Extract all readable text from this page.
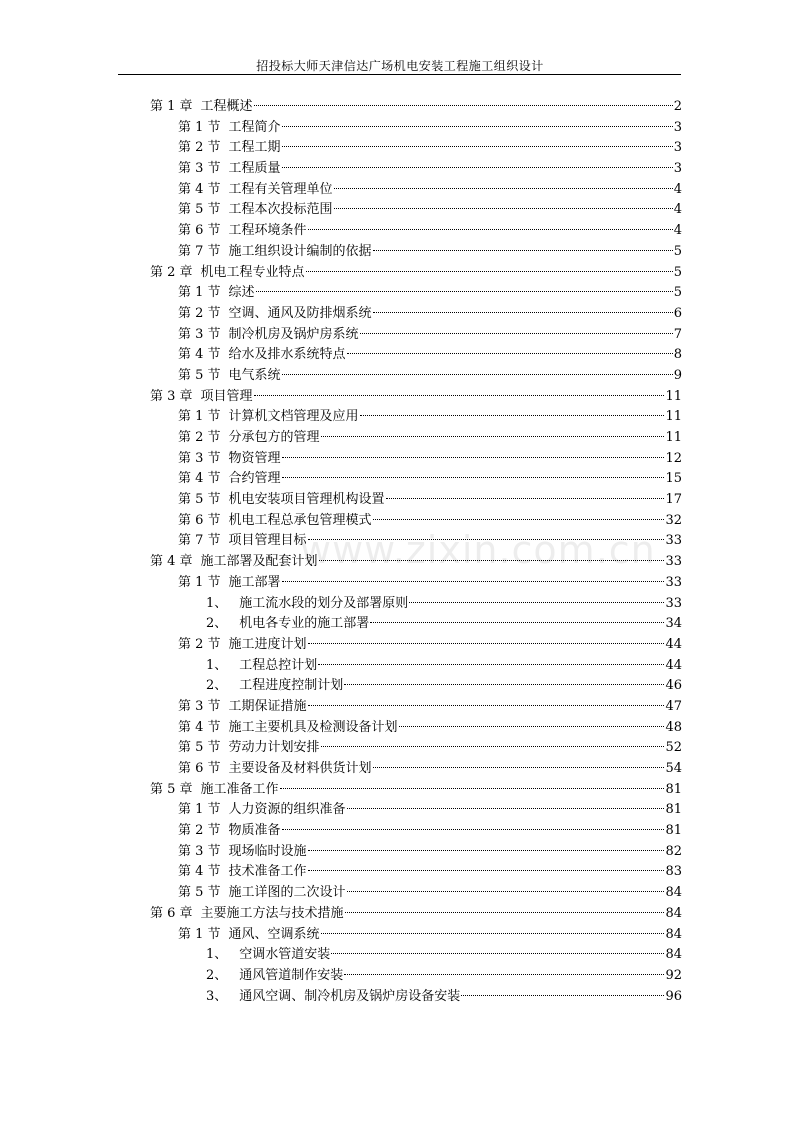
招投标大师天津信达广场机电安装工程施工组织设计
www.zixin.com.cn
第 1 章 工程概述	2
第 1 节 工程简介	3
第 2 节 工程工期	3
第 3 节 工程质量	3
第 4 节 工程有关管理单位	4
第 5 节 工程本次投标范围	4
第 6 节 工程环境条件	4
第 7 节 施工组织设计编制的依据	5
第 2 章 机电工程专业特点	5
第 1 节 综述	5
第 2 节 空调、通风及防排烟系统	6
第 3 节 制冷机房及锅炉房系统	7
第 4 节 给水及排水系统特点	8
第 5 节 电气系统	9
第 3 章 项目管理	11
第 1 节 计算机文档管理及应用	11
第 2 节 分承包方的管理	11
第 3 节 物资管理	12
第 4 节 合约管理	15
第 5 节 机电安装项目管理机构设置	17
第 6 节 机电工程总承包管理模式	32
第 7 节 项目管理目标	33
第 4 章 施工部署及配套计划	33
第 1 节 施工部署	33
1、 施工流水段的划分及部署原则	33
2、 机电各专业的施工部署	34
第 2 节 施工进度计划	44
1、 工程总控计划	44
2、 工程进度控制计划	46
第 3 节 工期保证措施	47
第 4 节 施工主要机具及检测设备计划	48
第 5 节 劳动力计划安排	52
第 6 节 主要设备及材料供货计划	54
第 5 章 施工准备工作	81
第 1 节 人力资源的组织准备	81
第 2 节 物质准备	81
第 3 节 现场临时设施	82
第 4 节 技术准备工作	83
第 5 节 施工详图的二次设计	84
第 6 章 主要施工方法与技术措施	84
第 1 节 通风、空调系统	84
1、 空调水管道安装	84
2、 通风管道制作安装	92
3、 通风空调、制冷机房及锅炉房设备安装	96
